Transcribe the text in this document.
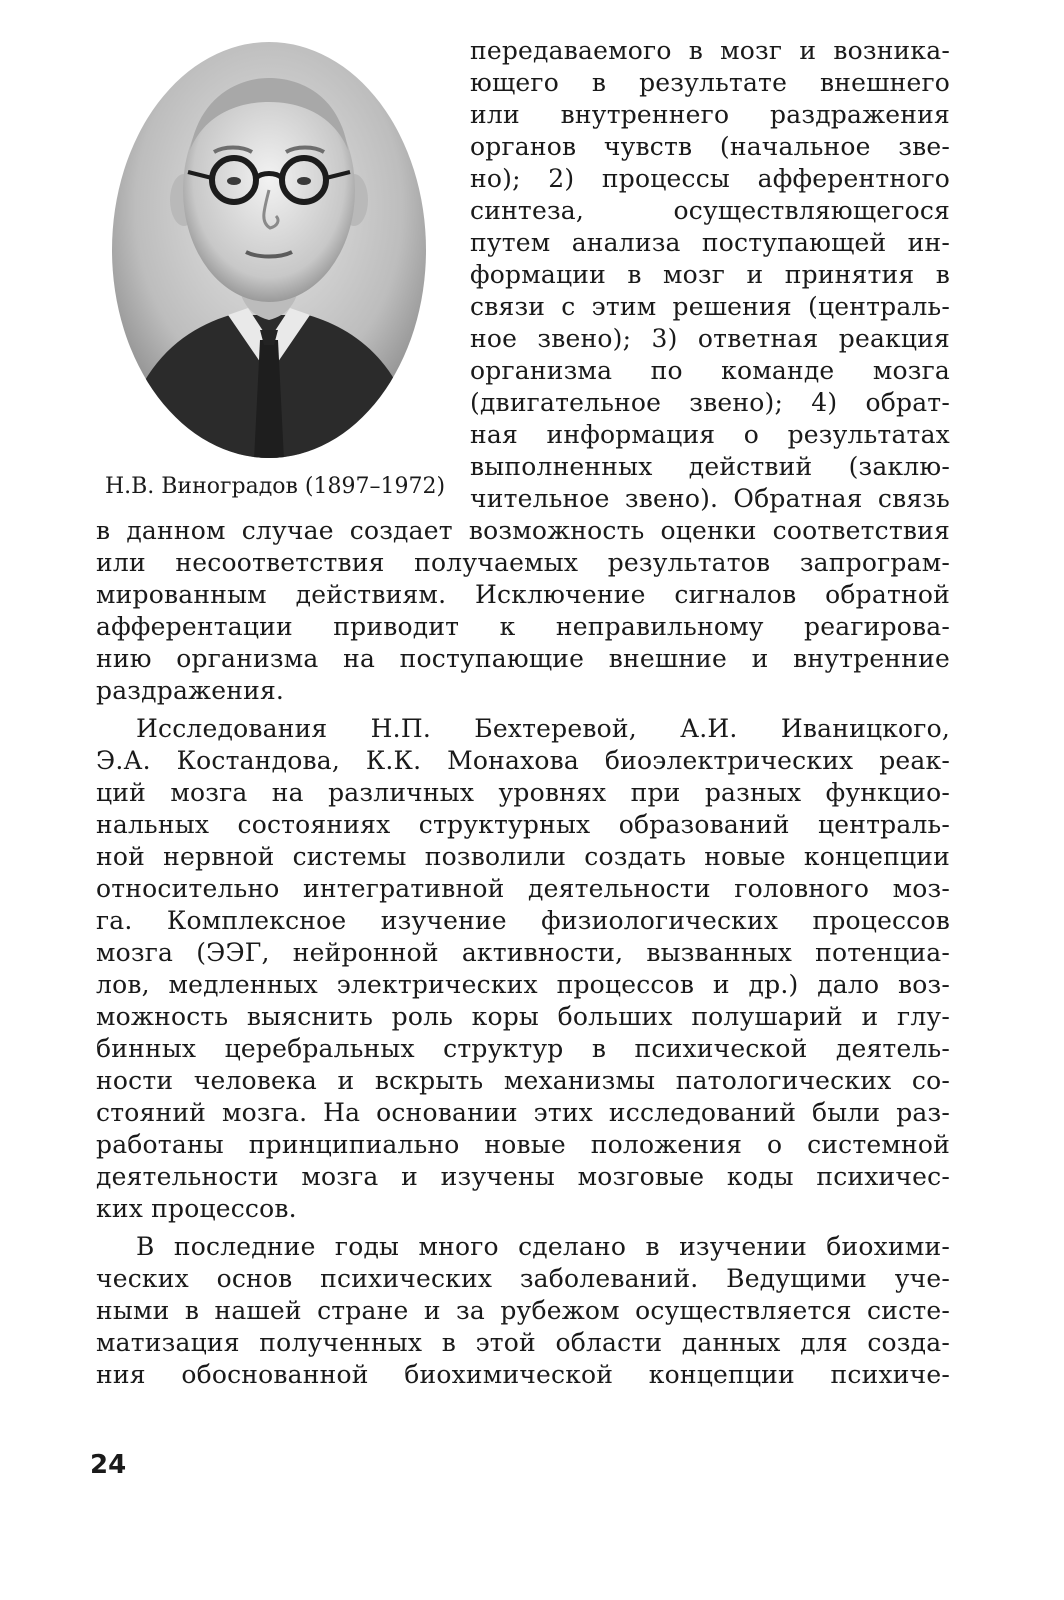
Н.В. Виноградов (1897–1972)
передаваемого в мозг и возника-
ющего в результате внешнего
или внутреннего раздражения
органов чувств (начальное зве-
но); 2) процессы афферентного
синтеза, осуществляющегося
путем анализа поступающей ин-
формации в мозг и принятия в
связи с этим решения (централь-
ное звено); 3) ответная реакция
организма по команде мозга
(двигательное звено); 4) обрат-
ная информация о результатах
выполненных действий (заклю-
чительное звено). Обратная связь
в данном случае создает возможность оценки соответствия
или несоответствия получаемых результатов запрограм-
мированным действиям. Исключение сигналов обратной
афферентации приводит к неправильному реагирова-
нию организма на поступающие внешние и внутренние
раздражения.
Исследования Н.П. Бехтеревой, А.И. Иваницкого,
Э.А. Костандова, К.К. Монахова биоэлектрических реак-
ций мозга на различных уровнях при разных функцио-
нальных состояниях структурных образований централь-
ной нервной системы позволили создать новые концепции
относительно интегративной деятельности головного моз-
га. Комплексное изучение физиологических процессов
мозга (ЭЭГ, нейронной активности, вызванных потенциа-
лов, медленных электрических процессов и др.) дало воз-
можность выяснить роль коры больших полушарий и глу-
бинных церебральных структур в психической деятель-
ности человека и вскрыть механизмы патологических со-
стояний мозга. На основании этих исследований были раз-
работаны принципиально новые положения о системной
деятельности мозга и изучены мозговые коды психичес-
ких процессов.
В последние годы много сделано в изучении биохими-
ческих основ психических заболеваний. Ведущими уче-
ными в нашей стране и за рубежом осуществляется систе-
матизация полученных в этой области данных для созда-
ния обоснованной биохимической концепции психиче-
24
